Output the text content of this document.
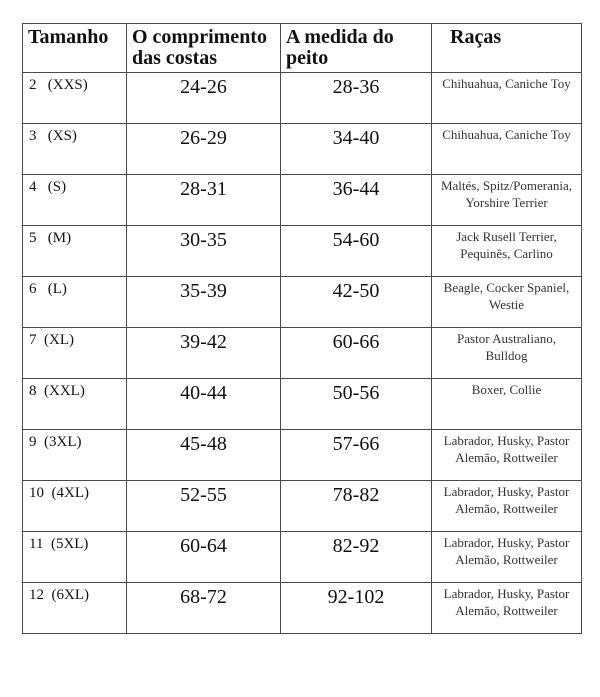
Tamanho	O comprimento das costas	A medida do peito	Raças
2   (XXS)	24-26	28-36	Chihuahua, Caniche Toy
3   (XS)	26-29	34-40	Chihuahua, Caniche Toy
4   (S)	28-31	36-44	Maltés, Spitz/Pomerania, Yorshire Terrier
5   (M)	30-35	54-60	Jack Rusell Terrier, Pequinês, Carlino
6   (L)	35-39	42-50	Beagle, Cocker Spaniel, Westie
7  (XL)	39-42	60-66	Pastor Australiano, Bulldog
8  (XXL)	40-44	50-56	Boxer, Collie
9  (3XL)	45-48	57-66	Labrador, Husky, Pastor Alemão, Rottweiler
10  (4XL)	52-55	78-82	Labrador, Husky, Pastor Alemão, Rottweiler
11  (5XL)	60-64	82-92	Labrador, Husky, Pastor Alemão, Rottweiler
12  (6XL)	68-72	92-102	Labrador, Husky, Pastor Alemão, Rottweiler
